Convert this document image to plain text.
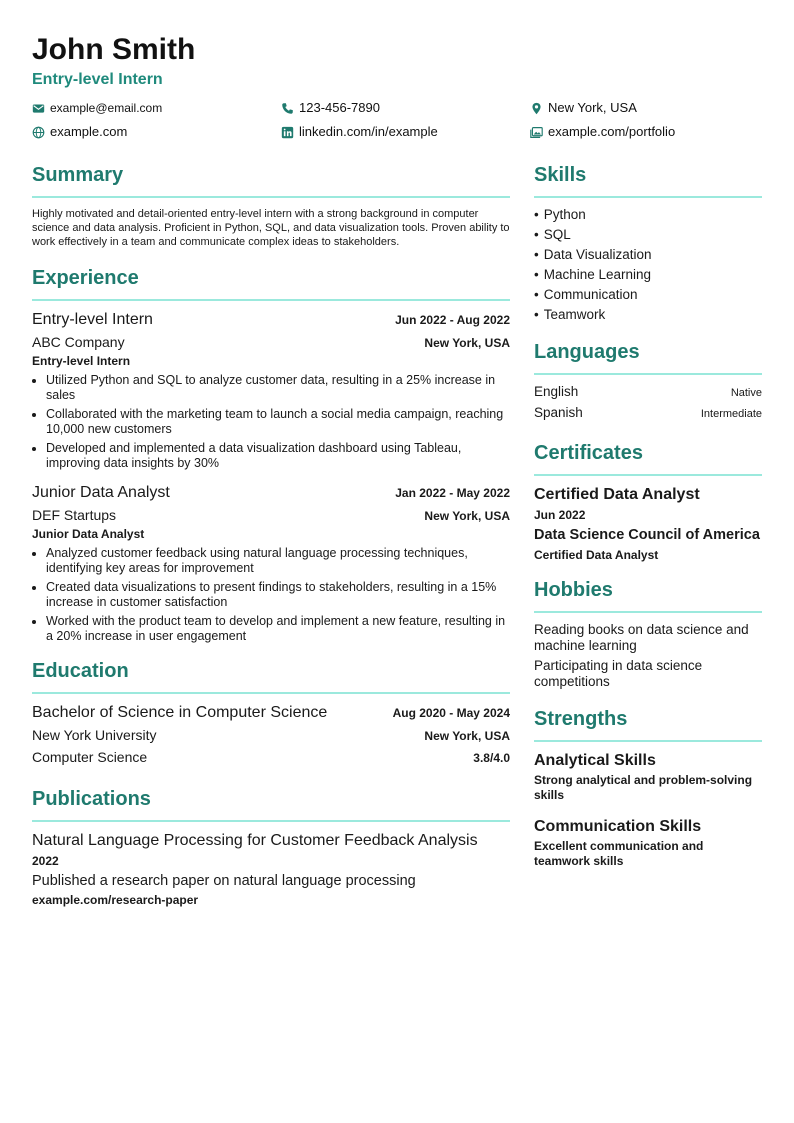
John Smith
Entry-level Intern
example@email.com	123-456-7890	New York, USA
example.com	linkedin.com/in/example	example.com/portfolio
Summary
Highly motivated and detail-oriented entry-level intern with a strong background in computer science and data analysis. Proficient in Python, SQL, and data visualization tools. Proven ability to work effectively in a team and communicate complex ideas to stakeholders.
Experience
Entry-level Intern	Jun 2022 - Aug 2022
ABC Company	New York, USA
Entry-level Intern
• Utilized Python and SQL to analyze customer data, resulting in a 25% increase in sales
• Collaborated with the marketing team to launch a social media campaign, reaching 10,000 new customers
• Developed and implemented a data visualization dashboard using Tableau, improving data insights by 30%
Junior Data Analyst	Jan 2022 - May 2022
DEF Startups	New York, USA
Junior Data Analyst
• Analyzed customer feedback using natural language processing techniques, identifying key areas for improvement
• Created data visualizations to present findings to stakeholders, resulting in a 15% increase in customer satisfaction
• Worked with the product team to develop and implement a new feature, resulting in a 20% increase in user engagement
Education
Bachelor of Science in Computer Science	Aug 2020 - May 2024
New York University	New York, USA
Computer Science	3.8/4.0
Publications
Natural Language Processing for Customer Feedback Analysis
2022
Published a research paper on natural language processing
example.com/research-paper
Skills
• Python
• SQL
• Data Visualization
• Machine Learning
• Communication
• Teamwork
Languages
English	Native
Spanish	Intermediate
Certificates
Certified Data Analyst
Jun 2022
Data Science Council of America
Certified Data Analyst
Hobbies
Reading books on data science and machine learning
Participating in data science competitions
Strengths
Analytical Skills
Strong analytical and problem-solving skills
Communication Skills
Excellent communication and teamwork skills
